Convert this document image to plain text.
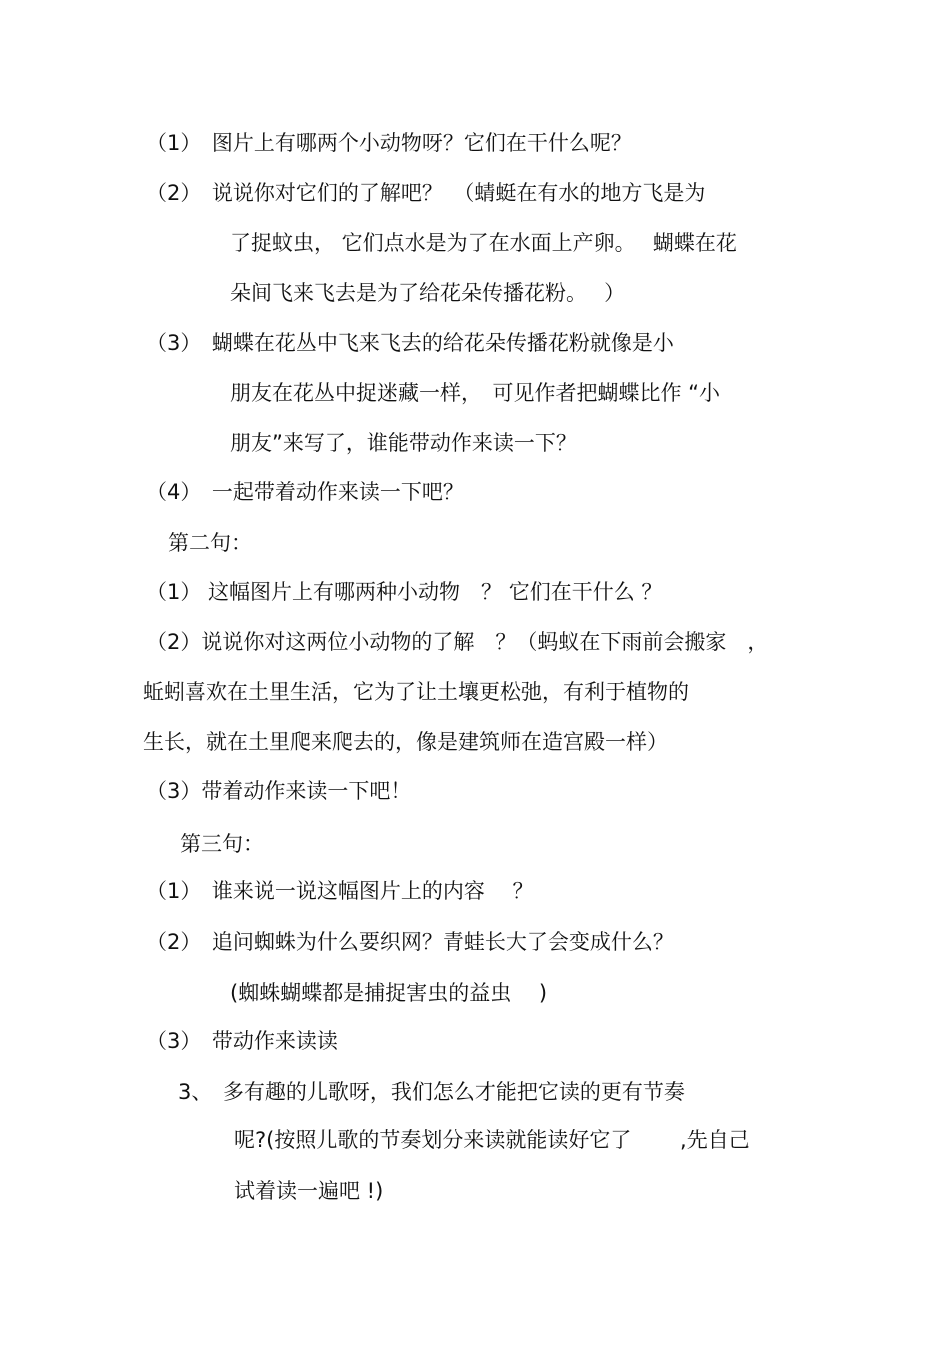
（1）　图片上有哪两个小动物呀？它们在干什么呢？
（2）　说说你对它们的了解吧？　（蜻蜓在有水的地方飞是为
了捉蚊虫， 它们点水是为了在水面上产卵。　 蝴蝶在花
朵间飞来飞去是为了给花朵传播花粉。　 ）
（3）　蝴蝶在花丛中飞来飞去的给花朵传播花粉就像是小
朋友在花丛中捉迷藏一样，　可见作者把蝴蝶比作 “小
朋友”来写了，谁能带动作来读一下？
（4）　一起带着动作来读一下吧？
第二句：
（1） 这幅图片上有哪两种小动物　？ 它们在干什么 ？
（2）说说你对这两位小动物的了解　？（蚂蚁在下雨前会搬家　，
蚯蚓喜欢在土里生活，它为了让土壤更松弛，有利于植物的
生长，就在土里爬来爬去的，像是建筑师在造宫殿一样）
（3）带着动作来读一下吧！
第三句：
（1）　谁来说一说这幅图片上的内容　 ？
（2）　追问蜘蛛为什么要织网？青蛙长大了会变成什么？
(蜘蛛蝴蝶都是捕捉害虫的益虫　 )
（3）　带动作来读读
3、　多有趣的儿歌呀，我们怎么才能把它读的更有节奏
呢?(按照儿歌的节奏划分来读就能读好它了　　 ,先自己
试着读一遍吧 !)
